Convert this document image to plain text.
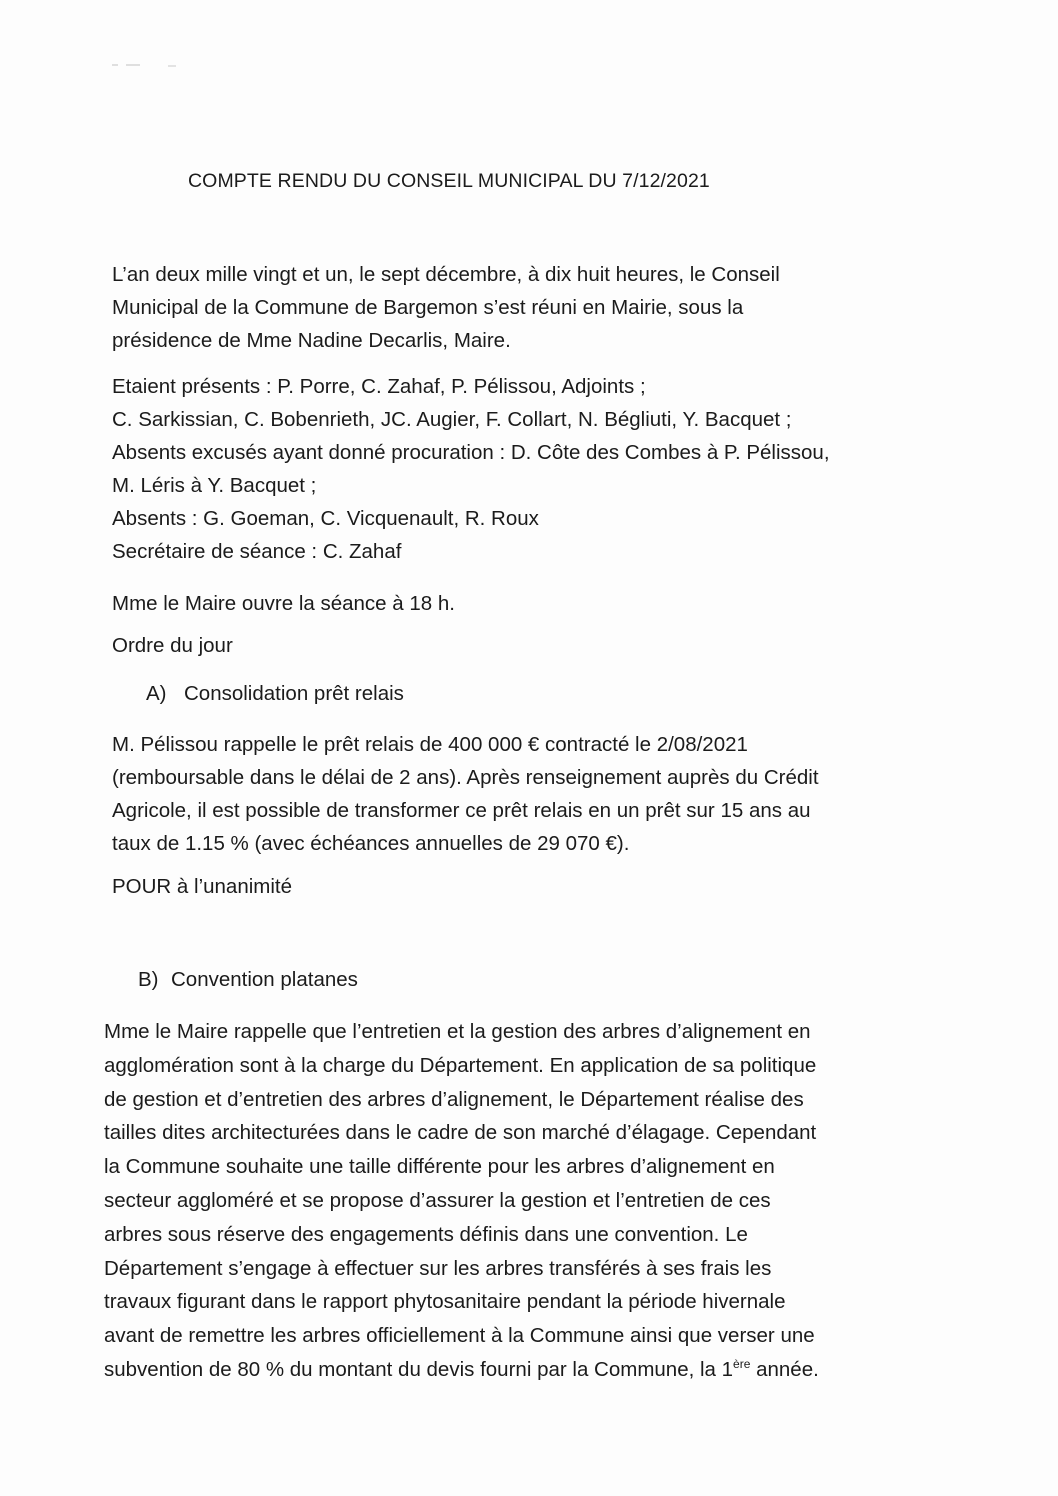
COMPTE RENDU DU CONSEIL MUNICIPAL DU 7/12/2021

L’an deux mille vingt et un, le sept décembre, à dix huit heures, le Conseil

Municipal de la Commune de Bargemon s’est réuni en Mairie, sous la

présidence de Mme Nadine Decarlis, Maire.

Etaient présents : P. Porre, C. Zahaf, P. Pélissou, Adjoints ;

C. Sarkissian, C. Bobenrieth, JC. Augier, F. Collart, N. Bégliuti, Y. Bacquet ;

Absents excusés ayant donné procuration : D. Côte des Combes à P. Pélissou,

M. Léris à Y. Bacquet ;

Absents : G. Goeman, C. Vicquenault, R. Roux

Secrétaire de séance : C. Zahaf

Mme le Maire ouvre la séance à 18 h.
Ordre du jour
A) Consolidation prêt relais

M. Pélissou rappelle le prêt relais de 400 000 € contracté le 2/08/2021

(remboursable dans le délai de 2 ans). Après renseignement auprès du Crédit

Agricole, il est possible de transformer ce prêt relais en un prêt sur 15 ans au

taux de 1.15 % (avec échéances annuelles de 29 070 €).

POUR à l’unanimité
B) Convention platanes

Mme le Maire rappelle que l’entretien et la gestion des arbres d’alignement en

agglomération sont à la charge du Département. En application de sa politique

de gestion et d’entretien des arbres d’alignement, le Département réalise des

tailles dites architecturées dans le cadre de son marché d’élagage. Cependant

la Commune souhaite une taille différente pour les arbres d’alignement en

secteur aggloméré et se propose d’assurer la gestion et l’entretien de ces

arbres sous réserve des engagements définis dans une convention. Le

Département s’engage à effectuer sur les arbres transférés à ses frais les

travaux figurant dans le rapport phytosanitaire pendant la période hivernale

avant de remettre les arbres officiellement à la Commune ainsi que verser une

subvention de 80 % du montant du devis fourni par la Commune, la 1ère année.
